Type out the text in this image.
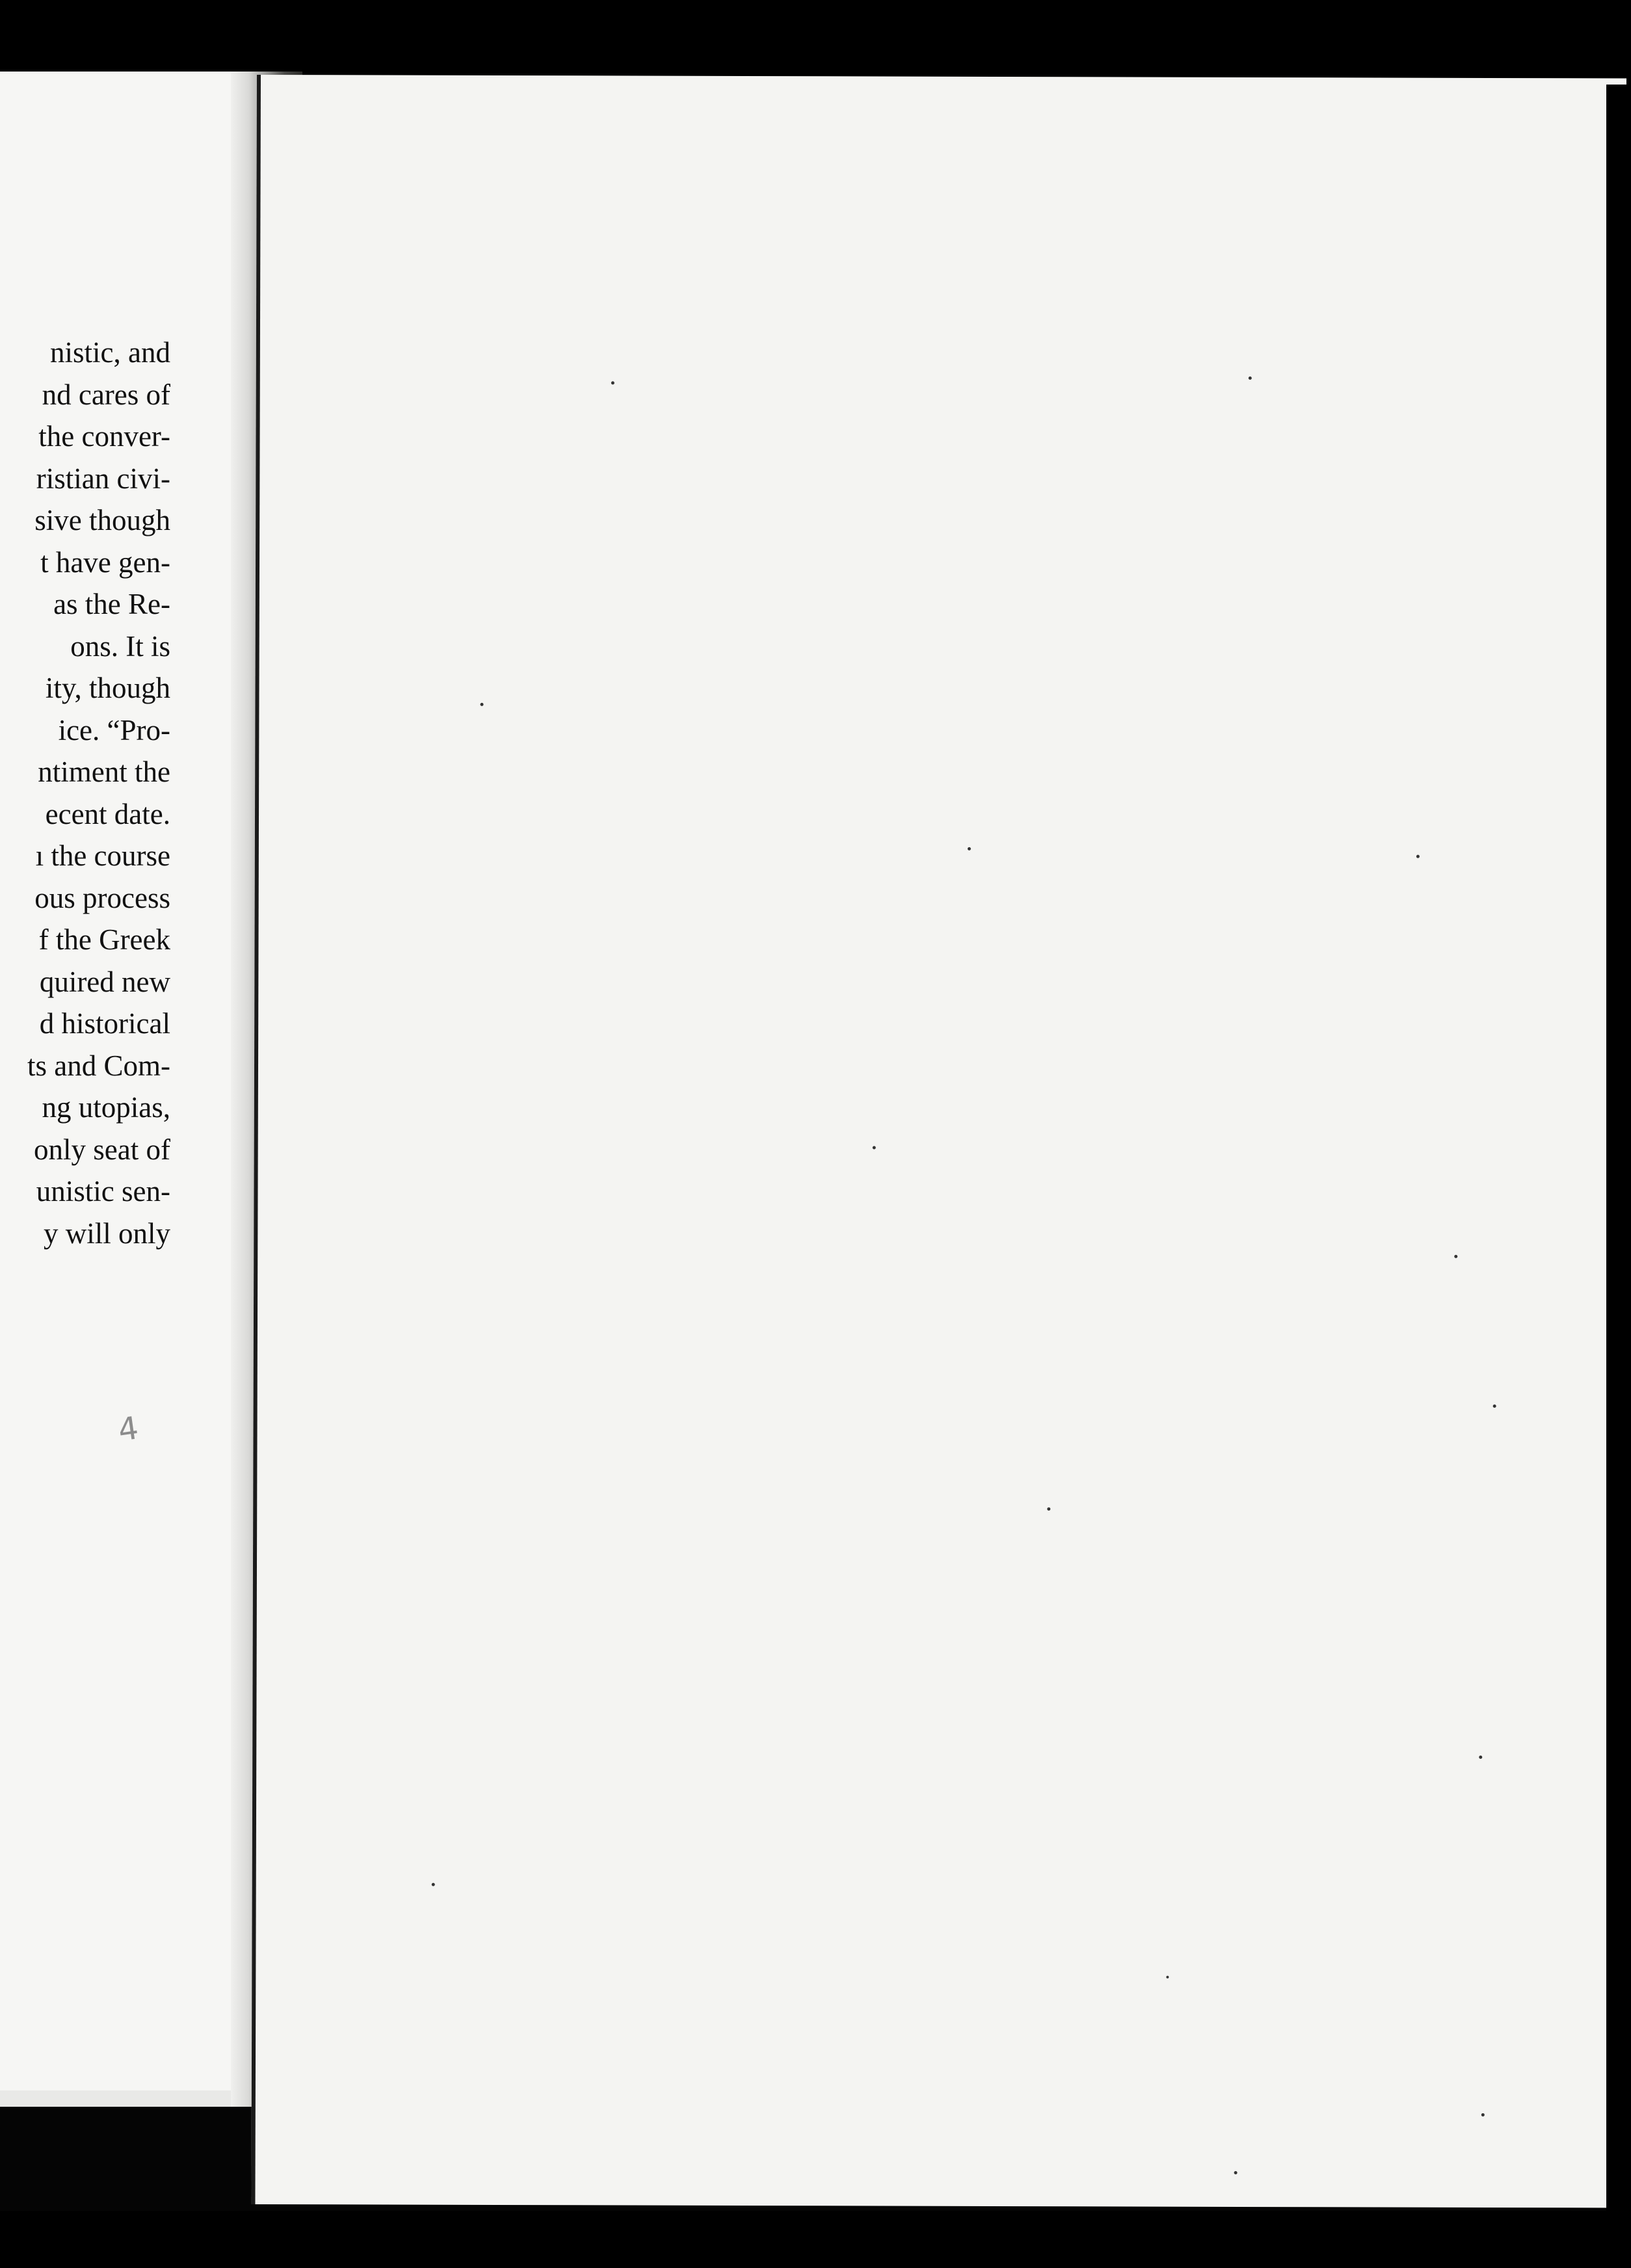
nistic, and
nd cares of
the conver-
ristian civi-
sive though
t have gen-
as the Re-
ons. It is
ity, though
ice. “Pro-
ntiment the
ecent date.
ı the course
ous process
f the Greek
quired new
d historical
ts and Com-
ng utopias,
only seat of
unistic sen-
y will only
4
